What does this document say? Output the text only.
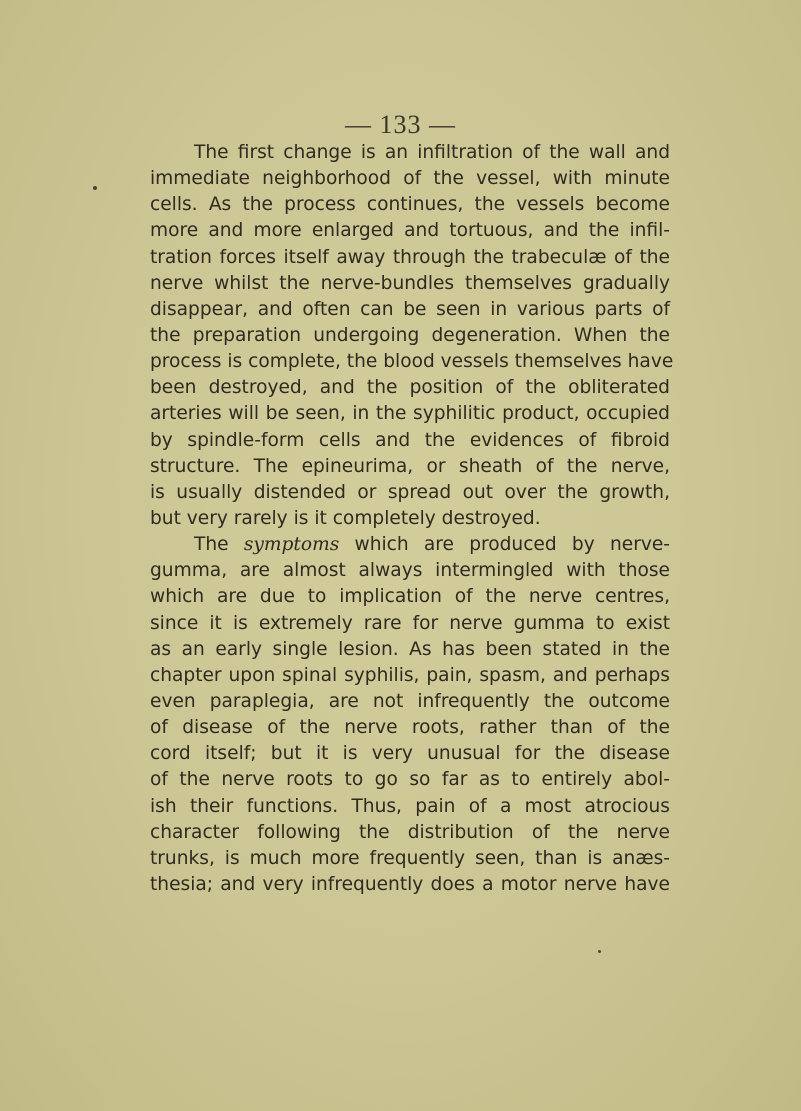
— 133 —
The first change is an infiltration of the wall and
immediate neighborhood of the vessel, with minute
cells. As the process continues, the vessels become
more and more enlarged and tortuous, and the infil-
tration forces itself away through the trabeculæ of the
nerve whilst the nerve-bundles themselves gradually
disappear, and often can be seen in various parts of
the preparation undergoing degeneration. When the
process is complete, the blood vessels themselves have
been destroyed, and the position of the obliterated
arteries will be seen, in the syphilitic product, occupied
by spindle-form cells and the evidences of fibroid
structure. The epineurima, or sheath of the nerve,
is usually distended or spread out over the growth,
but very rarely is it completely destroyed.
The symptoms which are produced by nerve-
gumma, are almost always intermingled with those
which are due to implication of the nerve centres,
since it is extremely rare for nerve gumma to exist
as an early single lesion. As has been stated in the
chapter upon spinal syphilis, pain, spasm, and perhaps
even paraplegia, are not infrequently the outcome
of disease of the nerve roots, rather than of the
cord itself; but it is very unusual for the disease
of the nerve roots to go so far as to entirely abol-
ish their functions. Thus, pain of a most atrocious
character following the distribution of the nerve
trunks, is much more frequently seen, than is anæs-
thesia; and very infrequently does a motor nerve have
